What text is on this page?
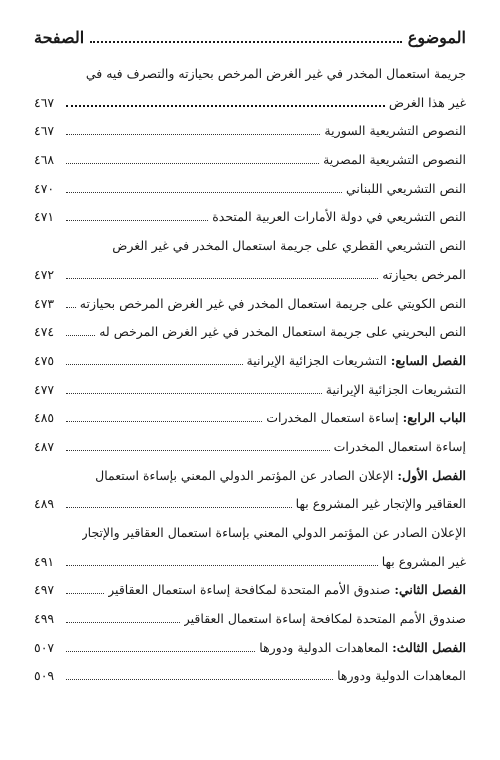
الموضوع
الصفحة
جريمة استعمال المخدر في غير الغرض المرخص بحيازته والتصرف فيه في
غير هذا الغرض
٤٦٧
النصوص التشريعية السورية
٤٦٧
النصوص التشريعية المصرية
٤٦٨
النص التشريعي اللبناني
٤٧٠
النص التشريعي في دولة الأمارات العربية المتحدة
٤٧١
النص التشريعي القطري على جريمة استعمال المخدر في غير الغرض
المرخص بحيازته
٤٧٢
النص الكويتي على جريمة استعمال المخدر في غير الغرض المرخص بحيازته
٤٧٣
النص البحريني على جريمة استعمال المخدر في غير الغرض المرخص له
٤٧٤
الفصل السابع: التشريعات الجزائية الإيرانية
٤٧٥
التشريعات الجزائية الإيرانية
٤٧٧
الباب الرابع: إساءة استعمال المخدرات
٤٨٥
إساءة استعمال المخدرات
٤٨٧
الفصل الأول: الإعلان الصادر عن المؤتمر الدولي المعني بإساءة استعمال
العقاقير والإتجار غير المشروع بها
٤٨٩
الإعلان الصادر عن المؤتمر الدولي المعني بإساءة استعمال العقاقير والإتجار
غير المشروع بها
٤٩١
الفصل الثاني: صندوق الأمم المتحدة لمكافحة إساءة استعمال العقاقير
٤٩٧
صندوق الأمم المتحدة لمكافحة إساءة استعمال العقاقير
٤٩٩
الفصل الثالث: المعاهدات الدولية ودورها
٥٠٧
المعاهدات الدولية ودورها
٥٠٩
